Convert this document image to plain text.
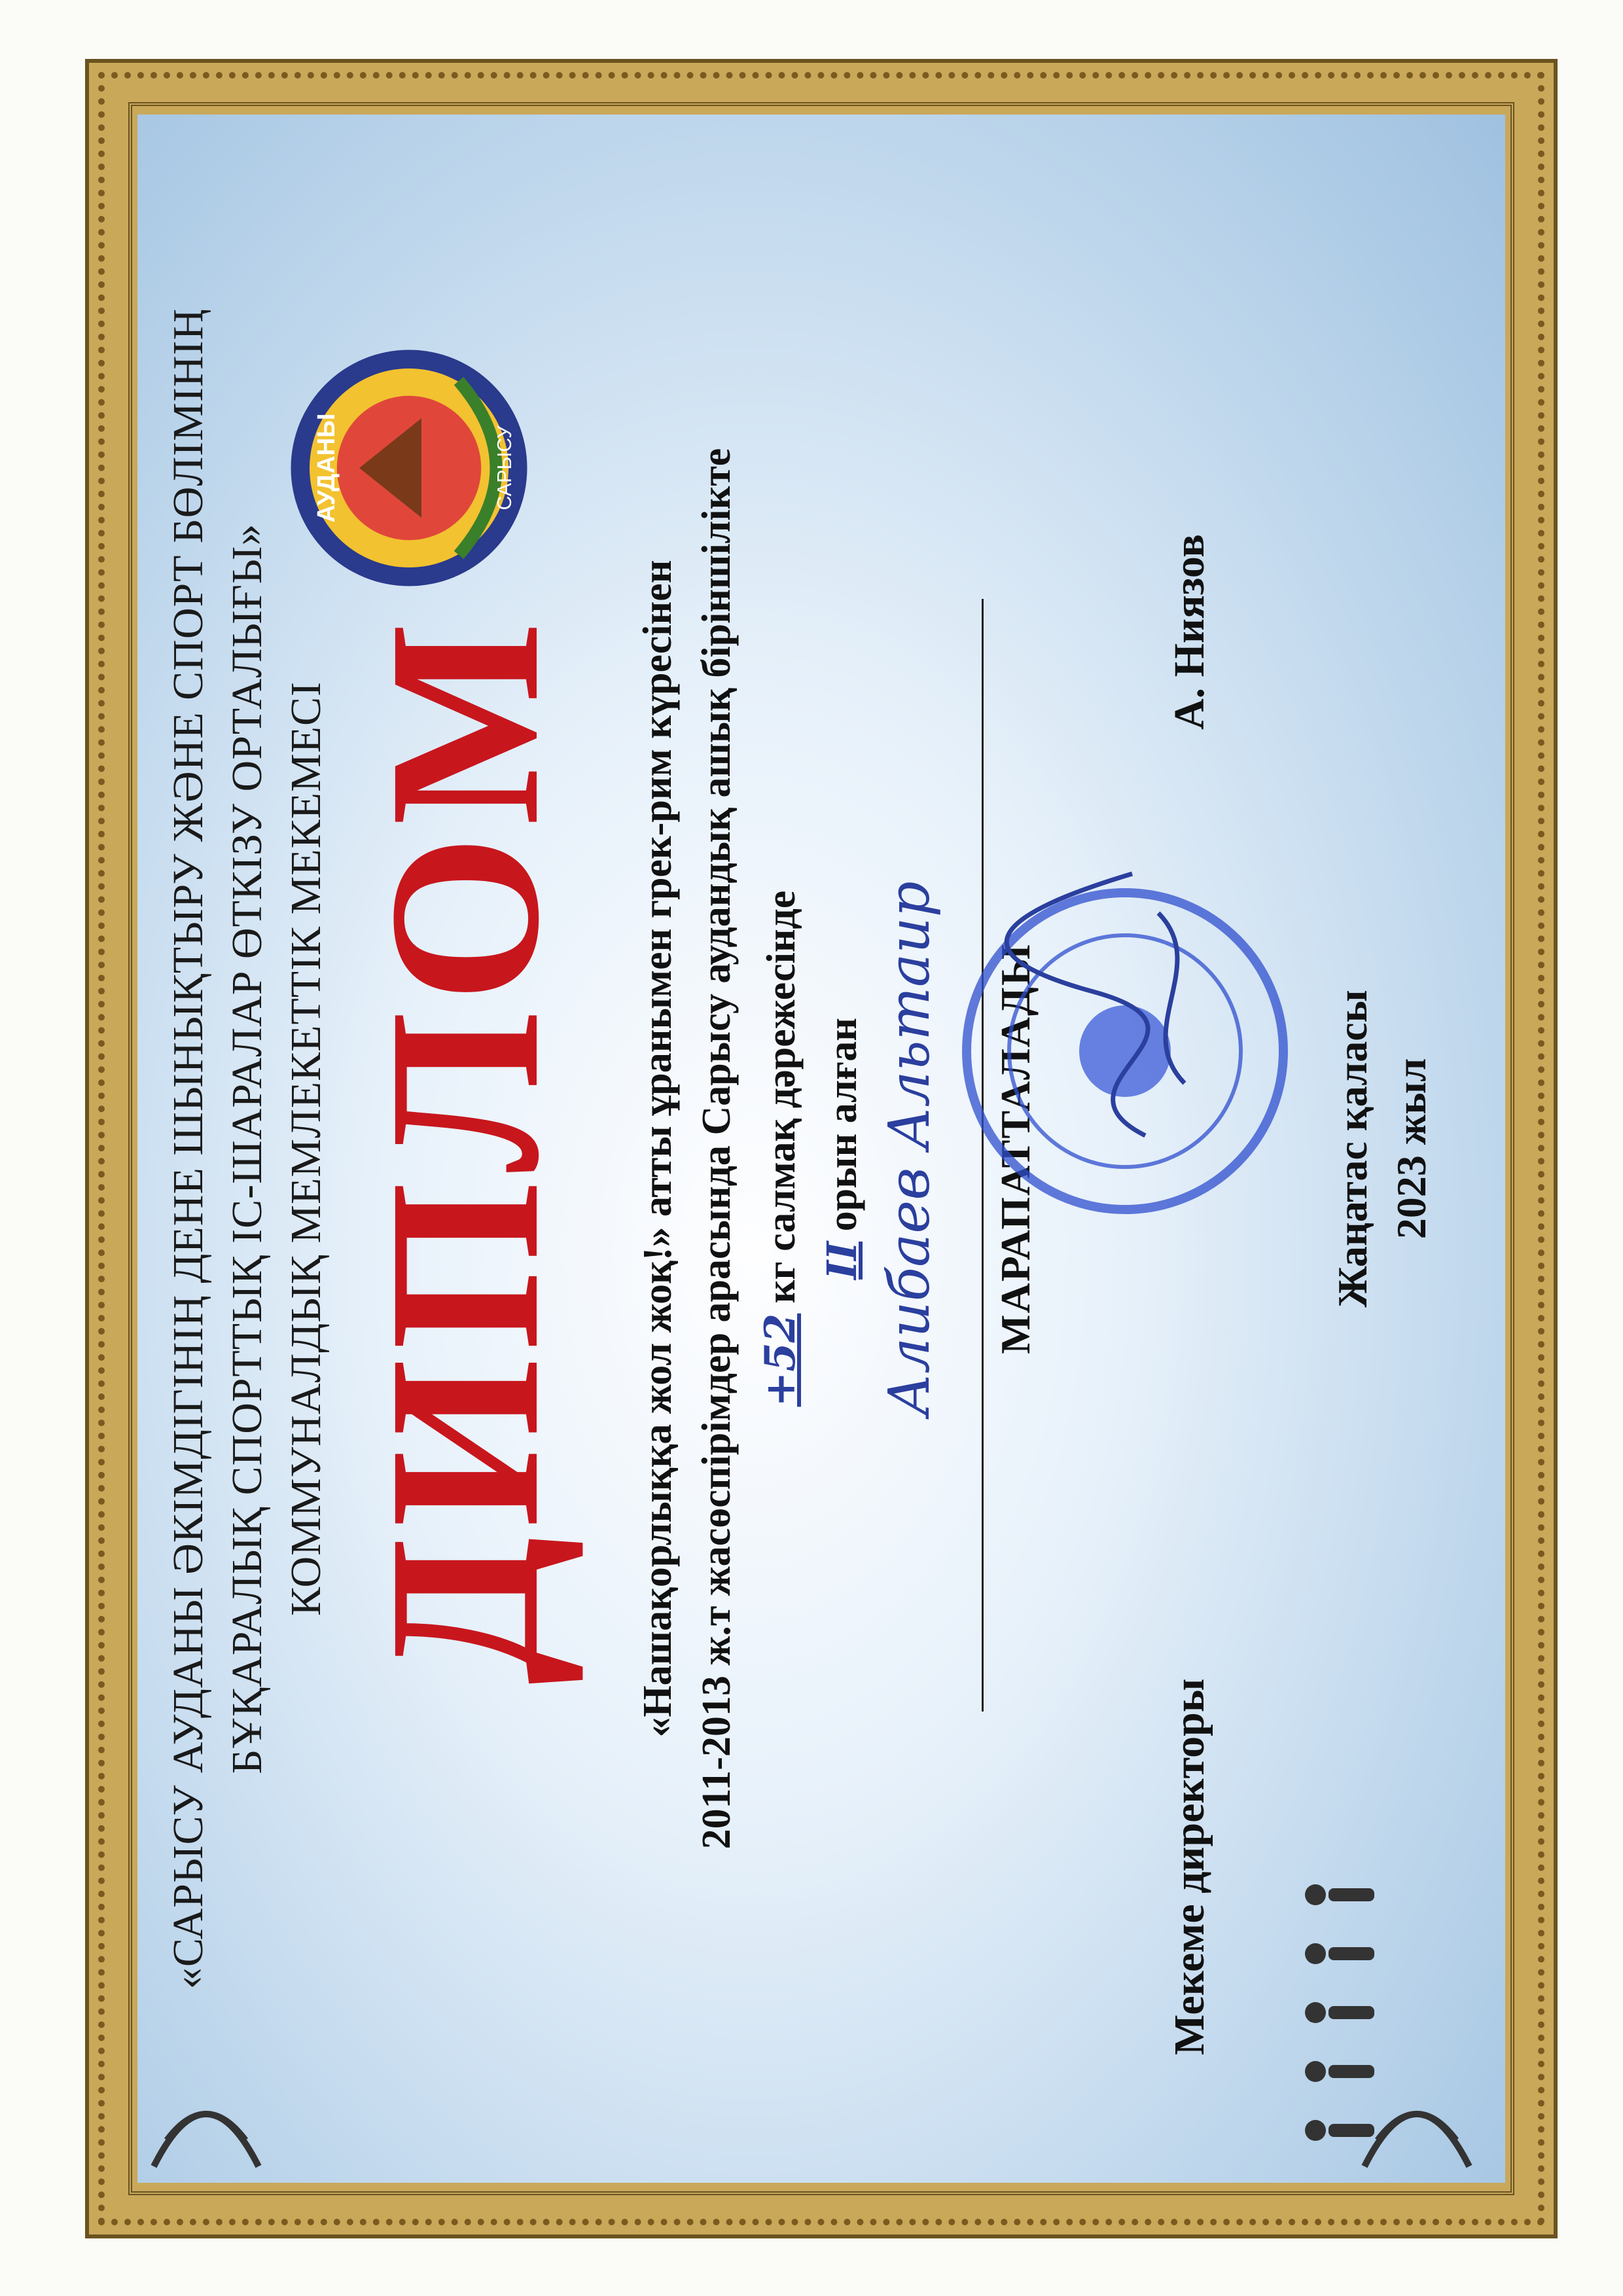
«САРЫСУ АУДАНЫ ӘКІМДІГІНІҢ ДЕНЕ ШЫНЫҚТЫРУ ЖӘНЕ СПОРТ БӨЛІМІНІҢ БҰҚАРАЛЫҚ СПОРТТЫҚ ІС-ШАРАЛАР ӨТКІЗУ ОРТАЛЫҒЫ» КОММУНАЛДЫҚ МЕМЛЕКЕТТІК МЕКЕМЕСІ ДИПЛОМ «Нашақорлыққа жол жоқ!» атты ұранымен грек-рим күресінен 2011-2013 ж.т жасөспірімдер арасында Сарысу аудандық ашық біріншілікте +52 кг салмақ дәрежесінде II орын алған Алибаев Альтаир МАРАПАТТАЛАДЫ
Мекеме директоры
А. Ниязов
Жаңатас қаласы 2023 жыл
АУДАНЫ	САРЫСУ
